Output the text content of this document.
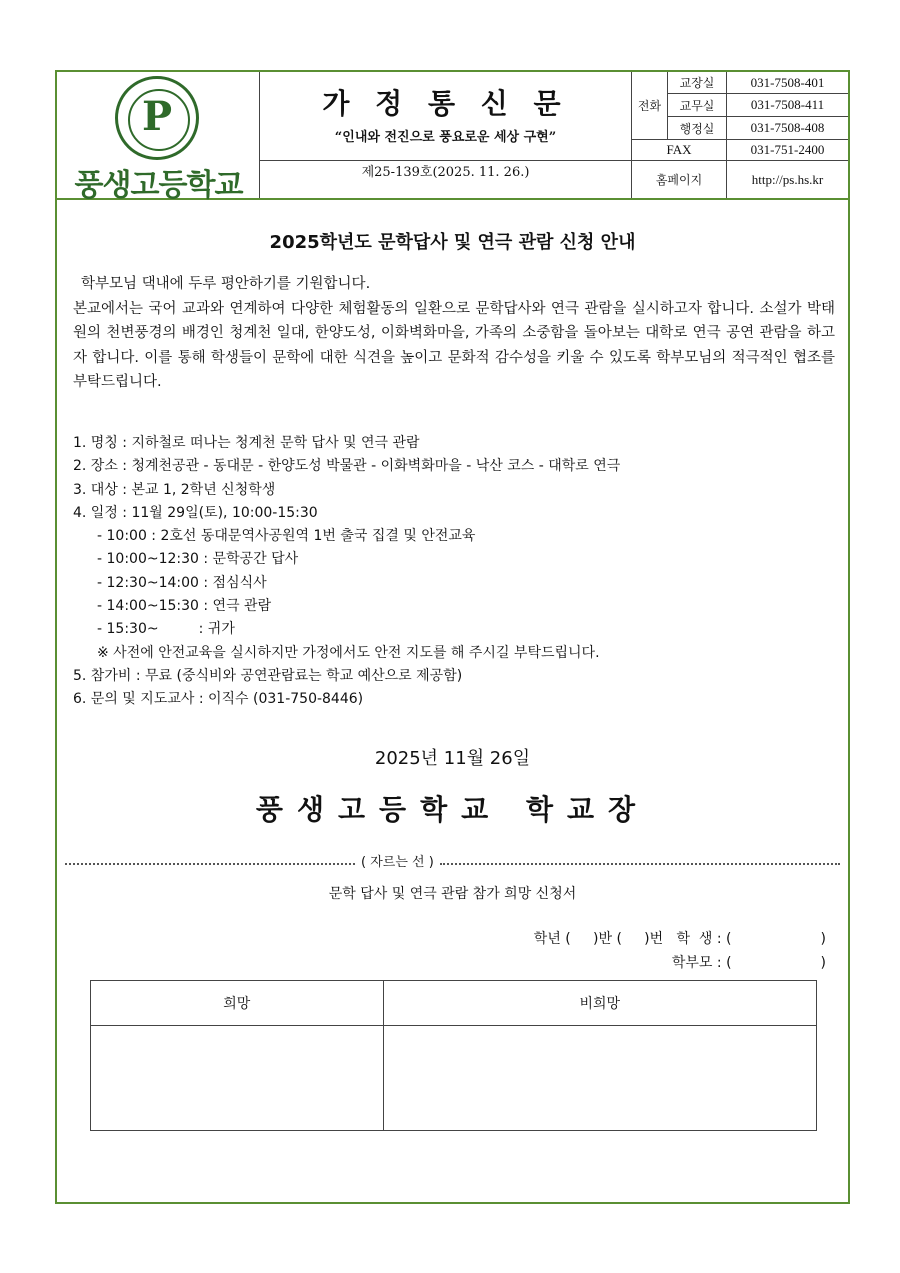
P
풍생고등학교
가 정 통 신 문
“인내와 전진으로 풍요로운 세상 구현”
제25-139호(2025. 11. 26.)
전화
교장실	031-7508-401
교무실	031-7508-411
행정실	031-7508-408
FAX	031-751-2400
홈페이지	http://ps.hs.kr
2025학년도 문학답사 및 연극 관람 신청 안내
학부모님 댁내에 두루 평안하기를 기원합니다.
본교에서는 국어 교과와 연계하여 다양한 체험활동의 일환으로 문학답사와 연극 관람을 실시하고자 합니다. 소설가 박태원의 천변풍경의 배경인 청계천 일대, 한양도성, 이화벽화마을, 가족의 소중함을 돌아보는 대학로 연극 공연 관람을 하고자 합니다. 이를 통해 학생들이 문학에 대한 식견을 높이고 문화적 감수성을 키울 수 있도록 학부모님의 적극적인 협조를 부탁드립니다.
1. 명칭 : 지하철로 떠나는 청계천 문학 답사 및 연극 관람
2. 장소 : 청계천공관 - 동대문 - 한양도성 박물관 - 이화벽화마을 - 낙산 코스 - 대학로 연극
3. 대상 : 본교 1, 2학년 신청학생
4. 일정 : 11월 29일(토), 10:00-15:30
- 10:00 : 2호선 동대문역사공원역 1번 출국 집결 및 안전교육
- 10:00~12:30 : 문학공간 답사
- 12:30~14:00 : 점심식사
- 14:00~15:30 : 연극 관람
- 15:30~         : 귀가
※ 사전에 안전교육을 실시하지만 가정에서도 안전 지도를 해 주시길 부탁드립니다.
5. 참가비 : 무료 (중식비와 공연관람료는 학교 예산으로 제공함)
6. 문의 및 지도교사 : 이직수 (031-750-8446)
2025년 11월 26일
풍생고등학교 학교장
( 자르는 선 )
문학 답사 및 연극 관람 참가 희망 신청서
학년 (     )반 (     )번   학  생 : (                    )
학부모 : (                    )
희망	비희망
